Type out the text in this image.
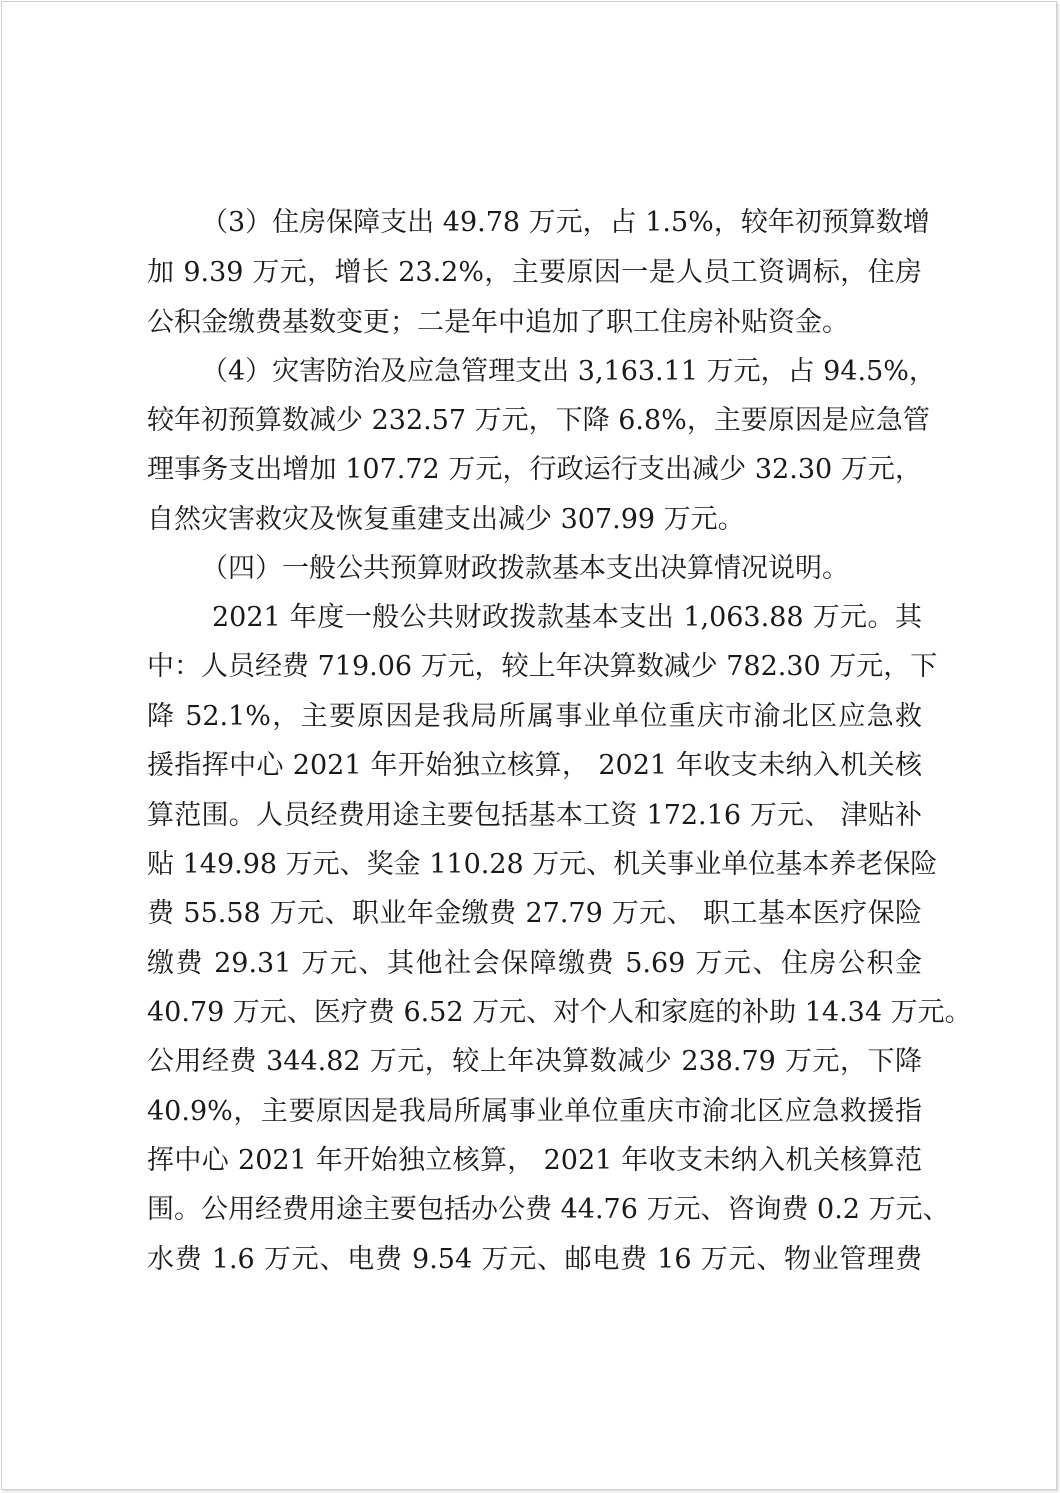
（3）住房保障支出 49.78 万元，占 1.5%，较年初预算数增
加 9.39 万元，增长 23.2%，主要原因一是人员工资调标，住房
公积金缴费基数变更；二是年中追加了职工住房补贴资金。
（4）灾害防治及应急管理支出 3,163.11 万元，占 94.5%，
较年初预算数减少 232.57 万元，下降 6.8%，主要原因是应急管
理事务支出增加 107.72 万元，行政运行支出减少 32.30 万元，
自然灾害救灾及恢复重建支出减少 307.99 万元。
（四）一般公共预算财政拨款基本支出决算情况说明。
2021 年度一般公共财政拨款基本支出 1,063.88 万元。其
中：人员经费 719.06 万元，较上年决算数减少 782.30 万元，下
降 52.1%，主要原因是我局所属事业单位重庆市渝北区应急救
援指挥中心 2021 年开始独立核算， 2021 年收支未纳入机关核
算范围。人员经费用途主要包括基本工资 172.16 万元、 津贴补
贴 149.98 万元、奖金 110.28 万元、机关事业单位基本养老保险
费 55.58 万元、职业年金缴费 27.79 万元、 职工基本医疗保险
缴费 29.31 万元、其他社会保障缴费 5.69 万元、住房公积金
40.79 万元、医疗费 6.52 万元、对个人和家庭的补助 14.34 万元。
公用经费 344.82 万元，较上年决算数减少 238.79 万元，下降
40.9%，主要原因是我局所属事业单位重庆市渝北区应急救援指
挥中心 2021 年开始独立核算， 2021 年收支未纳入机关核算范
围。公用经费用途主要包括办公费 44.76 万元、咨询费 0.2 万元、
水费 1.6 万元、电费 9.54 万元、邮电费 16 万元、物业管理费
